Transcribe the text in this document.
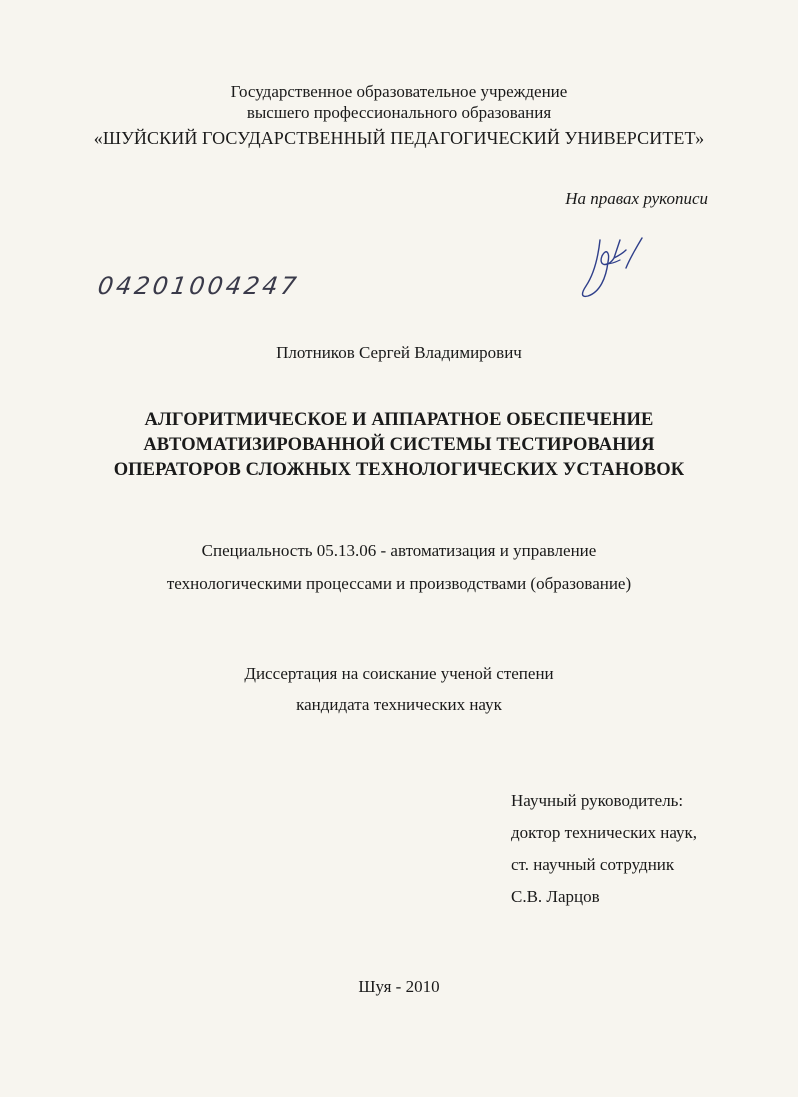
Государственное образовательное учреждение
высшего профессионального образования
«ШУЙСКИЙ ГОСУДАРСТВЕННЫЙ ПЕДАГОГИЧЕСКИЙ УНИВЕРСИТЕТ»
На правах рукописи
04201004247
Плотников Сергей Владимирович
АЛГОРИТМИЧЕСКОЕ И АППАРАТНОЕ ОБЕСПЕЧЕНИЕ
АВТОМАТИЗИРОВАННОЙ СИСТЕМЫ ТЕСТИРОВАНИЯ
ОПЕРАТОРОВ СЛОЖНЫХ ТЕХНОЛОГИЧЕСКИХ УСТАНОВОК
Специальность 05.13.06 - автоматизация и управление
технологическими процессами и производствами (образование)
Диссертация на соискание ученой степени
кандидата технических наук
Научный руководитель:
доктор технических наук,
ст. научный сотрудник
С.В. Ларцов
Шуя - 2010
